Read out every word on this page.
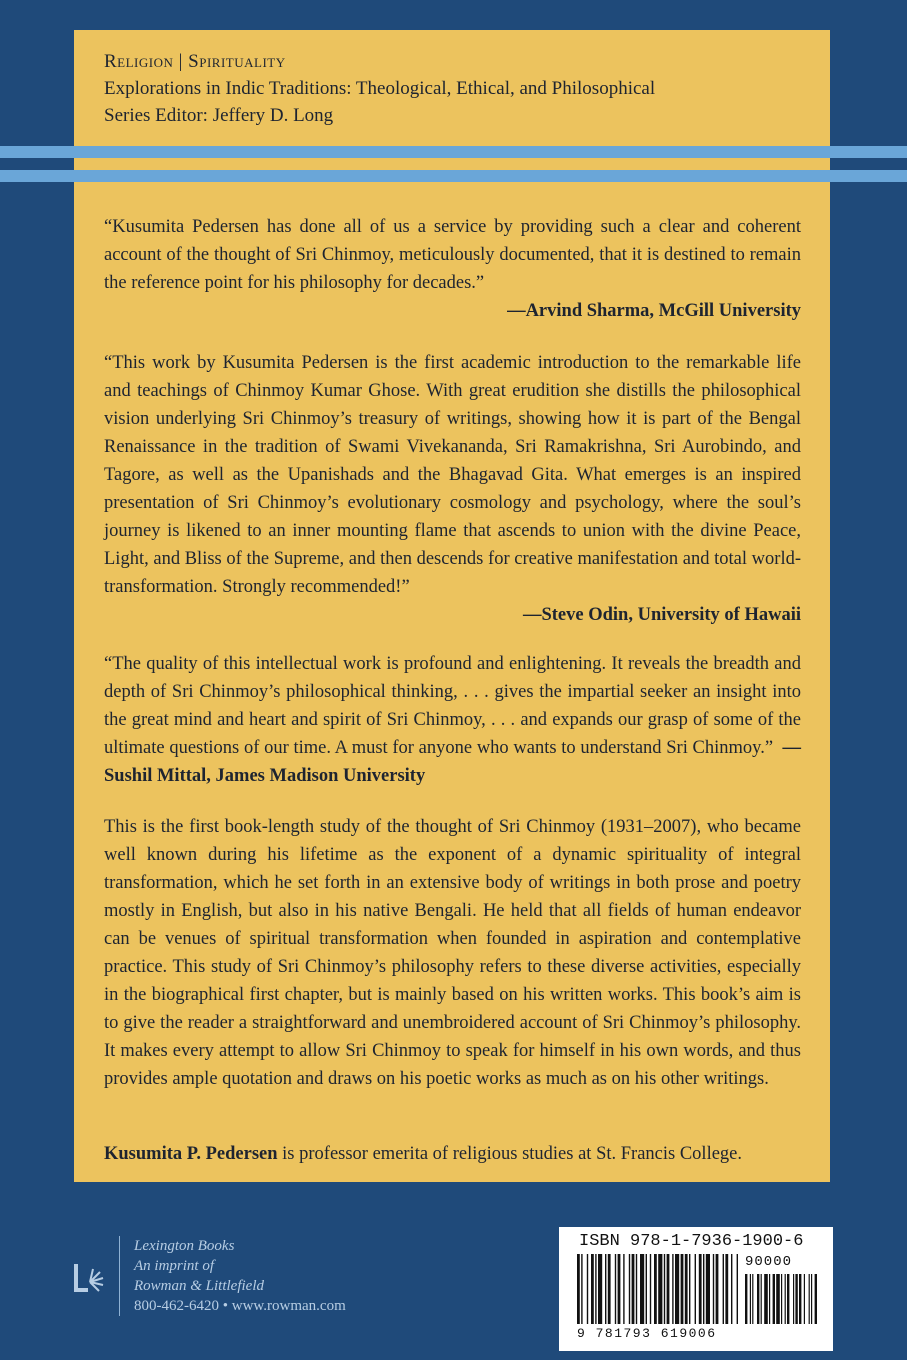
Religion | Spirituality
Explorations in Indic Traditions: Theological, Ethical, and Philosophical
Series Editor: Jeffery D. Long
“Kusumita Pedersen has done all of us a service by providing such a clear and coherent account of the thought of Sri Chinmoy, meticulously documented, that it is destined to remain the reference point for his philosophy for decades.”
—Arvind Sharma, McGill University
“This work by Kusumita Pedersen is the first academic introduction to the remarkable life and teachings of Chinmoy Kumar Ghose. With great erudition she distills the philosophical vision underlying Sri Chinmoy’s treasury of writings, showing how it is part of the Bengal Renaissance in the tradition of Swami Vivekananda, Sri Ramakrishna, Sri Aurobindo, and Tagore, as well as the Upanishads and the Bhagavad Gita. What emerges is an inspired presentation of Sri Chinmoy’s evolutionary cosmology and psychology, where the soul’s journey is likened to an inner mounting flame that ascends to union with the divine Peace, Light, and Bliss of the Supreme, and then descends for creative manifestation and total world-transformation. Strongly recommended!”
—Steve Odin, University of Hawaii
“The quality of this intellectual work is profound and enlightening. It reveals the breadth and depth of Sri Chinmoy’s philosophical thinking, . . . gives the impartial seeker an insight into the great mind and heart and spirit of Sri Chinmoy, . . . and expands our grasp of some of the ultimate questions of our time. A must for anyone who wants to understand Sri Chinmoy.” —Sushil Mittal, James Madison University
This is the first book-length study of the thought of Sri Chinmoy (1931–2007), who became well known during his lifetime as the exponent of a dynamic spirituality of integral transformation, which he set forth in an extensive body of writings in both prose and poetry mostly in English, but also in his native Bengali. He held that all fields of human endeavor can be venues of spiritual transformation when founded in aspiration and contemplative practice. This study of Sri Chinmoy’s philosophy refers to these diverse activities, especially in the biographical first chapter, but is mainly based on his written works. This book’s aim is to give the reader a straightforward and unembroidered account of Sri Chinmoy’s philosophy. It makes every attempt to allow Sri Chinmoy to speak for himself in his own words, and thus provides ample quotation and draws on his poetic works as much as on his other writings.
Kusumita P. Pedersen is professor emerita of religious studies at St. Francis College.
Lexington Books
An imprint of
Rowman & Littlefield
800-462-6420 • www.rowman.com
ISBN 978-1-7936-1900-6
90000
9 781793 619006
